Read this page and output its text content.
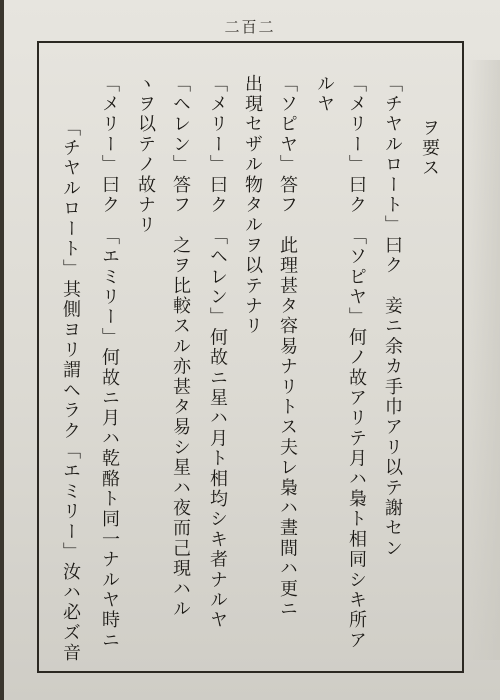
二百二
ヲ要ス
「チヤルロート」曰ク　妾ニ余カ手巾アリ以テ謝セン
「メリー」曰ク　「ソピヤ」何ノ故アリテ月ハ梟ト相同シキ所ア
ルヤ
「ソピヤ」答フ　此理甚タ容易ナリトス夫レ梟ハ晝間ハ更ニ
出現セザル物タルヲ以テナリ
「メリー」曰ク　「ヘレン」何故ニ星ハ月ト相均シキ者ナルヤ
「ヘレン」答フ　之ヲ比較スル亦甚タ易シ星ハ夜而己現ハル
ヽヲ以テノ故ナリ
「メリー」曰ク　「エミリー」何故ニ月ハ乾酪ト同一ナルヤ時ニ
「チヤルロート」其側ヨリ謂ヘラク「エミリー」汝ハ必ズ音
